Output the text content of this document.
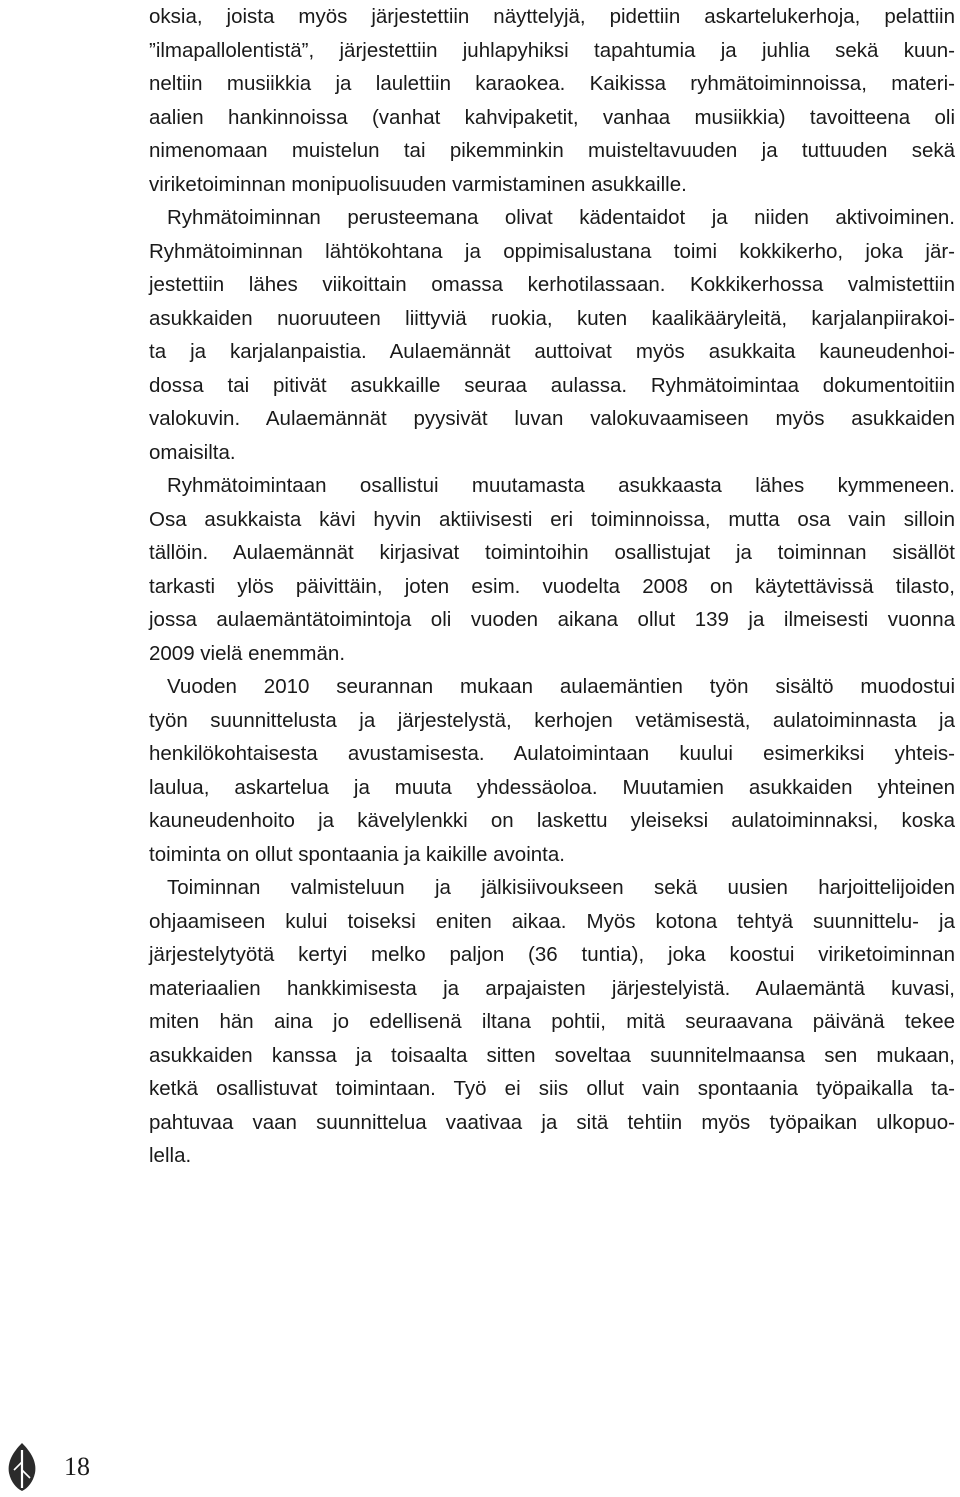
oksia, joista myös järjestettiin näyttelyjä, pidettiin askartelukerhoja, pelattiin
”ilmapallolentistä”, järjestettiin juhlapyhiksi tapahtumia ja juhlia sekä kuun-
neltiin musiikkia ja laulettiin karaokea. Kaikissa ryhmätoiminnoissa, materi-
aalien hankinnoissa (vanhat kahvipaketit, vanhaa musiikkia) tavoitteena oli
nimenomaan muistelun tai pikemminkin muisteltavuuden ja tuttuuden sekä
viriketoiminnan monipuolisuuden varmistaminen asukkaille.
Ryhmätoiminnan perusteemana olivat kädentaidot ja niiden aktivoiminen.
Ryhmätoiminnan lähtökohtana ja oppimisalustana toimi kokkikerho, joka jär-
jestettiin lähes viikoittain omassa kerhotilassaan. Kokkikerhossa valmistettiin
asukkaiden nuoruuteen liittyviä ruokia, kuten kaalikääryleitä, karjalanpiirakoi-
ta ja karjalanpaistia. Aulaemännät auttoivat myös asukkaita kauneudenhoi-
dossa tai pitivät asukkaille seuraa aulassa. Ryhmätoimintaa dokumentoitiin
valokuvin. Aulaemännät pyysivät luvan valokuvaamiseen myös asukkaiden
omaisilta.
Ryhmätoimintaan osallistui muutamasta asukkaasta lähes kymmeneen.
Osa asukkaista kävi hyvin aktiivisesti eri toiminnoissa, mutta osa vain silloin
tällöin. Aulaemännät kirjasivat toimintoihin osallistujat ja toiminnan sisällöt
tarkasti ylös päivittäin, joten esim. vuodelta 2008 on käytettävissä tilasto,
jossa aulaemäntätoimintoja oli vuoden aikana ollut 139 ja ilmeisesti vuonna
2009 vielä enemmän.
Vuoden 2010 seurannan mukaan aulaemäntien työn sisältö muodostui
työn suunnittelusta ja järjestelystä, kerhojen vetämisestä, aulatoiminnasta ja
henkilökohtaisesta avustamisesta. Aulatoimintaan kuului esimerkiksi yhteis-
laulua, askartelua ja muuta yhdessäoloa. Muutamien asukkaiden yhteinen
kauneudenhoito ja kävelylenkki on laskettu yleiseksi aulatoiminnaksi, koska
toiminta on ollut spontaania ja kaikille avointa.
Toiminnan valmisteluun ja jälkisiivoukseen sekä uusien harjoittelijoiden
ohjaamiseen kului toiseksi eniten aikaa. Myös kotona tehtyä suunnittelu- ja
järjestelytyötä kertyi melko paljon (36 tuntia), joka koostui viriketoiminnan
materiaalien hankkimisesta ja arpajaisten järjestelyistä. Aulaemäntä kuvasi,
miten hän aina jo edellisenä iltana pohtii, mitä seuraavana päivänä tekee
asukkaiden kanssa ja toisaalta sitten soveltaa suunnitelmaansa sen mukaan,
ketkä osallistuvat toimintaan. Työ ei siis ollut vain spontaania työpaikalla ta-
pahtuvaa vaan suunnittelua vaativaa ja sitä tehtiin myös työpaikan ulkopuo-
lella.
18
